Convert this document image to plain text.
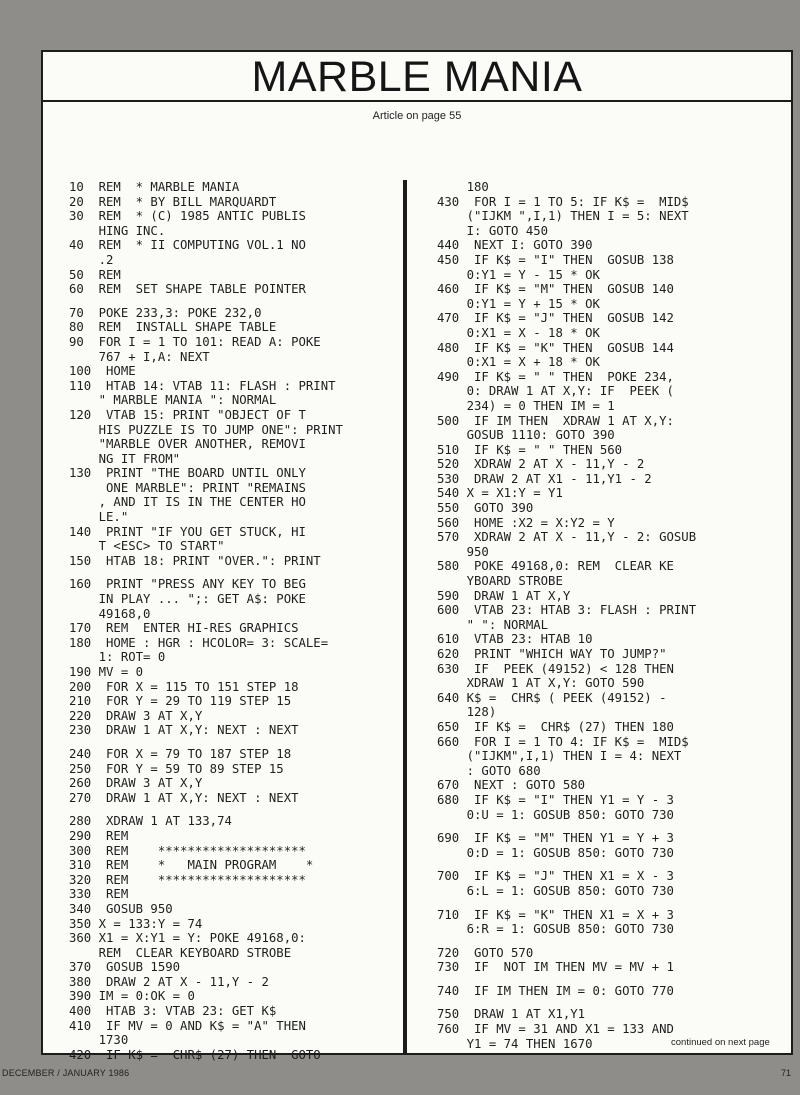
MARBLE MANIA
Article on page 55
10  REM  * MARBLE MANIA
20  REM  * BY BILL MARQUARDT
30  REM  * (C) 1985 ANTIC PUBLIS
HING INC.
40  REM  * II COMPUTING VOL.1 NO
.2
50  REM
60  REM  SET SHAPE TABLE POINTER
70  POKE 233,3: POKE 232,0
80  REM  INSTALL SHAPE TABLE
90  FOR I = 1 TO 101: READ A: POKE
767 + I,A: NEXT
100  HOME
110  HTAB 14: VTAB 11: FLASH : PRINT
" MARBLE MANIA ": NORMAL
120  VTAB 15: PRINT "OBJECT OF T
HIS PUZZLE IS TO JUMP ONE": PRINT
"MARBLE OVER ANOTHER, REMOVI
NG IT FROM"
130  PRINT "THE BOARD UNTIL ONLY
ONE MARBLE": PRINT "REMAINS
, AND IT IS IN THE CENTER HO
LE."
140  PRINT "IF YOU GET STUCK, HI
T <ESC> TO START"
150  HTAB 18: PRINT "OVER.": PRINT
160  PRINT "PRESS ANY KEY TO BEG
IN PLAY ... ";: GET A$: POKE
49168,0
170  REM  ENTER HI-RES GRAPHICS
180  HOME : HGR : HCOLOR= 3: SCALE=
1: ROT= 0
190 MV = 0
200  FOR X = 115 TO 151 STEP 18
210  FOR Y = 29 TO 119 STEP 15
220  DRAW 3 AT X,Y
230  DRAW 1 AT X,Y: NEXT : NEXT
240  FOR X = 79 TO 187 STEP 18
250  FOR Y = 59 TO 89 STEP 15
260  DRAW 3 AT X,Y
270  DRAW 1 AT X,Y: NEXT : NEXT
280  XDRAW 1 AT 133,74
290  REM
300  REM    ********************
310  REM    *   MAIN PROGRAM    *
320  REM    ********************
330  REM
340  GOSUB 950
350 X = 133:Y = 74
360 X1 = X:Y1 = Y: POKE 49168,0:
REM  CLEAR KEYBOARD STROBE
370  GOSUB 1590
380  DRAW 2 AT X - 11,Y - 2
390 IM = 0:OK = 0
400  HTAB 3: VTAB 23: GET K$
410  IF MV = 0 AND K$ = "A" THEN
1730
420  IF K$ =  CHR$ (27) THEN  GOTO
180
430  FOR I = 1 TO 5: IF K$ =  MID$
("IJKM ",I,1) THEN I = 5: NEXT
I: GOTO 450
440  NEXT I: GOTO 390
450  IF K$ = "I" THEN  GOSUB 138
0:Y1 = Y - 15 * OK
460  IF K$ = "M" THEN  GOSUB 140
0:Y1 = Y + 15 * OK
470  IF K$ = "J" THEN  GOSUB 142
0:X1 = X - 18 * OK
480  IF K$ = "K" THEN  GOSUB 144
0:X1 = X + 18 * OK
490  IF K$ = " " THEN  POKE 234,
0: DRAW 1 AT X,Y: IF  PEEK (
234) = 0 THEN IM = 1
500  IF IM THEN  XDRAW 1 AT X,Y:
GOSUB 1110: GOTO 390
510  IF K$ = " " THEN 560
520  XDRAW 2 AT X - 11,Y - 2
530  DRAW 2 AT X1 - 11,Y1 - 2
540 X = X1:Y = Y1
550  GOTO 390
560  HOME :X2 = X:Y2 = Y
570  XDRAW 2 AT X - 11,Y - 2: GOSUB
950
580  POKE 49168,0: REM  CLEAR KE
YBOARD STROBE
590  DRAW 1 AT X,Y
600  VTAB 23: HTAB 3: FLASH : PRINT
" ": NORMAL
610  VTAB 23: HTAB 10
620  PRINT "WHICH WAY TO JUMP?"
630  IF  PEEK (49152) < 128 THEN
XDRAW 1 AT X,Y: GOTO 590
640 K$ =  CHR$ ( PEEK (49152) -
128)
650  IF K$ =  CHR$ (27) THEN 180
660  FOR I = 1 TO 4: IF K$ =  MID$
("IJKM",I,1) THEN I = 4: NEXT
: GOTO 680
670  NEXT : GOTO 580
680  IF K$ = "I" THEN Y1 = Y - 3
0:U = 1: GOSUB 850: GOTO 730
690  IF K$ = "M" THEN Y1 = Y + 3
0:D = 1: GOSUB 850: GOTO 730
700  IF K$ = "J" THEN X1 = X - 3
6:L = 1: GOSUB 850: GOTO 730
710  IF K$ = "K" THEN X1 = X + 3
6:R = 1: GOSUB 850: GOTO 730
720  GOTO 570
730  IF  NOT IM THEN MV = MV + 1
740  IF IM THEN IM = 0: GOTO 770
750  DRAW 1 AT X1,Y1
760  IF MV = 31 AND X1 = 133 AND
Y1 = 74 THEN 1670	continued on next page
DECEMBER / JANUARY 1986	71
